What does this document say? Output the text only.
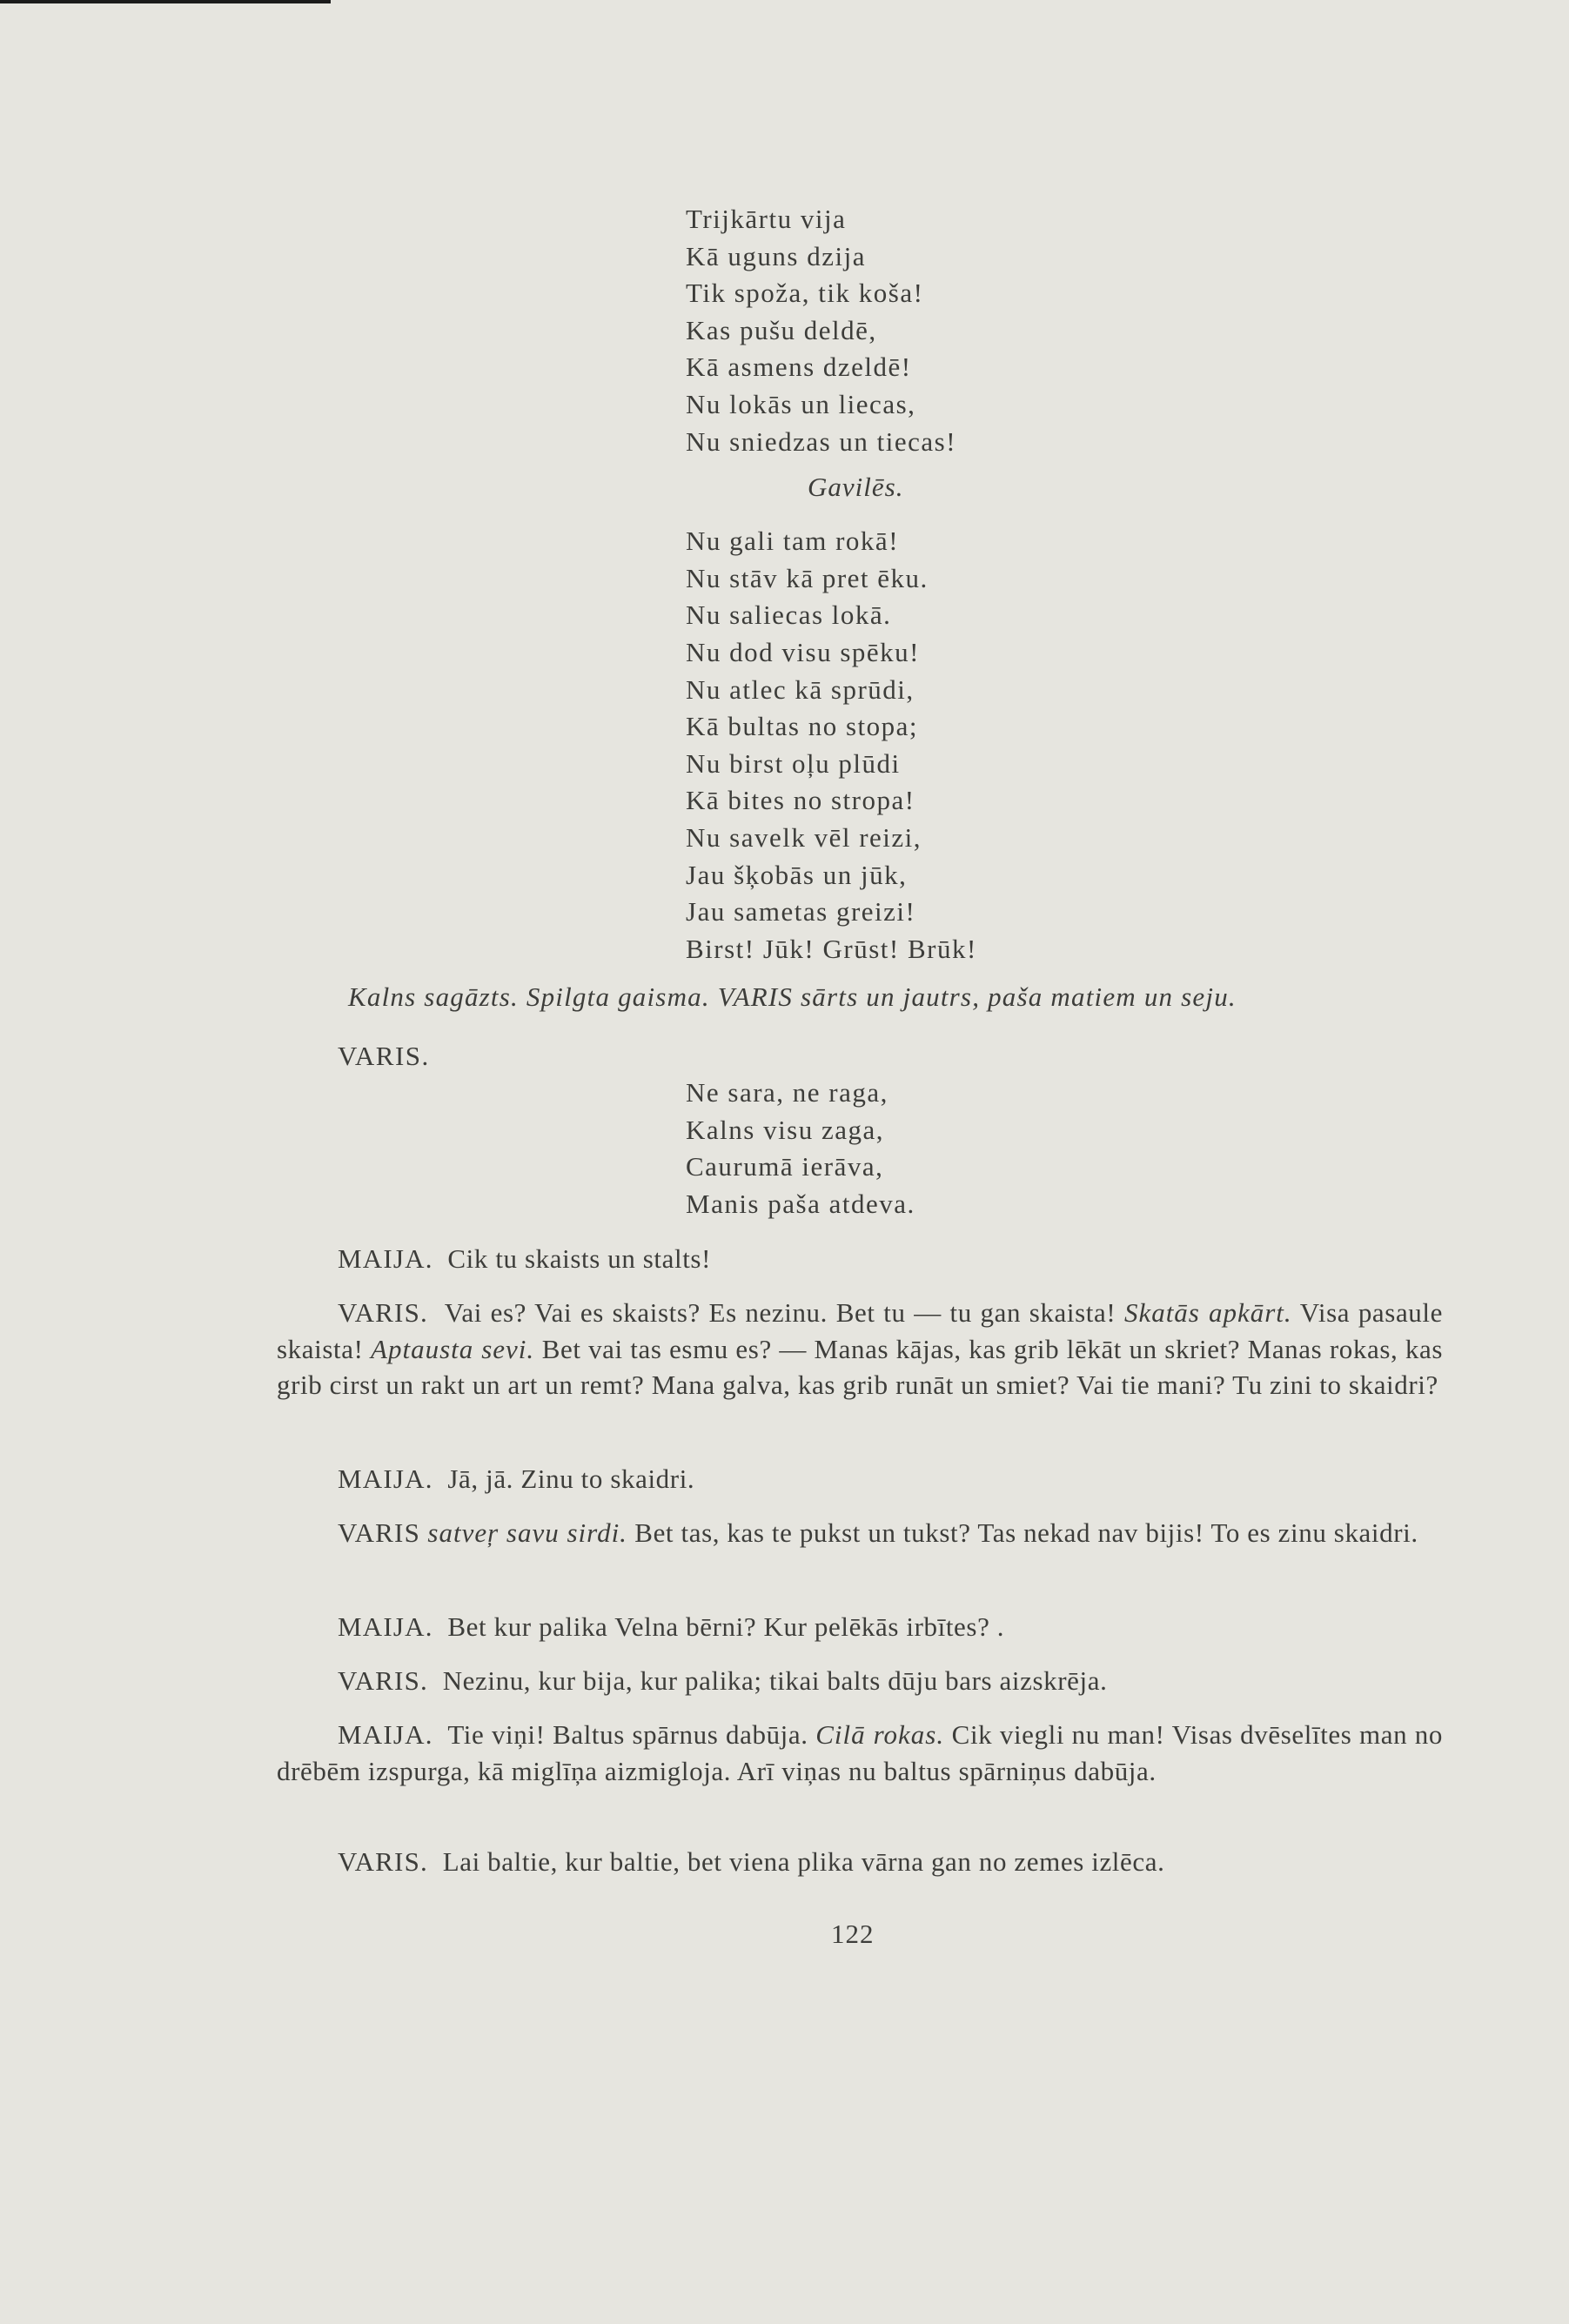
Trijkārtu vija
Kā uguns dzija
Tik spoža, tik koša!
Kas pušu deldē,
Kā asmens dzeldē!
Nu lokās un liecas,
Nu sniedzas un tiecas!
Gavilēs.
Nu gali tam rokā!
Nu stāv kā pret ēku.
Nu saliecas lokā.
Nu dod visu spēku!
Nu atlec kā sprūdi,
Kā bultas no stopa;
Nu birst oļu plūdi
Kā bites no stropa!
Nu savelk vēl reizi,
Jau šķobās un jūk,
Jau sametas greizi!
Birst! Jūk! Grūst! Brūk!
Kalns sagāzts. Spilgta gaisma. VARIS sārts un jautrs, paša matiem un seju.
VARIS.
Ne sara, ne raga,
Kalns visu zaga,
Caurumā ierāva,
Manis paša atdeva.
MAIJA. Cik tu skaists un stalts!
VARIS. Vai es? Vai es skaists? Es nezinu. Bet tu — tu gan skaista! Skatās apkārt. Visa pasaule skaista! Aptausta sevi. Bet vai tas esmu es? — Manas kājas, kas grib lēkāt un skriet? Manas rokas, kas grib cirst un rakt un art un remt? Mana galva, kas grib runāt un smiet? Vai tie mani? Tu zini to skaidri?
MAIJA. Jā, jā. Zinu to skaidri.
VARIS satveŗ savu sirdi. Bet tas, kas te pukst un tukst? Tas nekad nav bijis! To es zinu skaidri.
MAIJA. Bet kur palika Velna bērni? Kur pelēkās irbītes? .
VARIS. Nezinu, kur bija, kur palika; tikai balts dūju bars aizskrēja.
MAIJA. Tie viņi! Baltus spārnus dabūja. Cilā rokas. Cik viegli nu man! Visas dvēselītes man no drēbēm izspurga, kā miglīņa aizmigloja. Arī viņas nu baltus spārniņus dabūja.
VARIS. Lai baltie, kur baltie, bet viena plika vārna gan no zemes izlēca.
122
